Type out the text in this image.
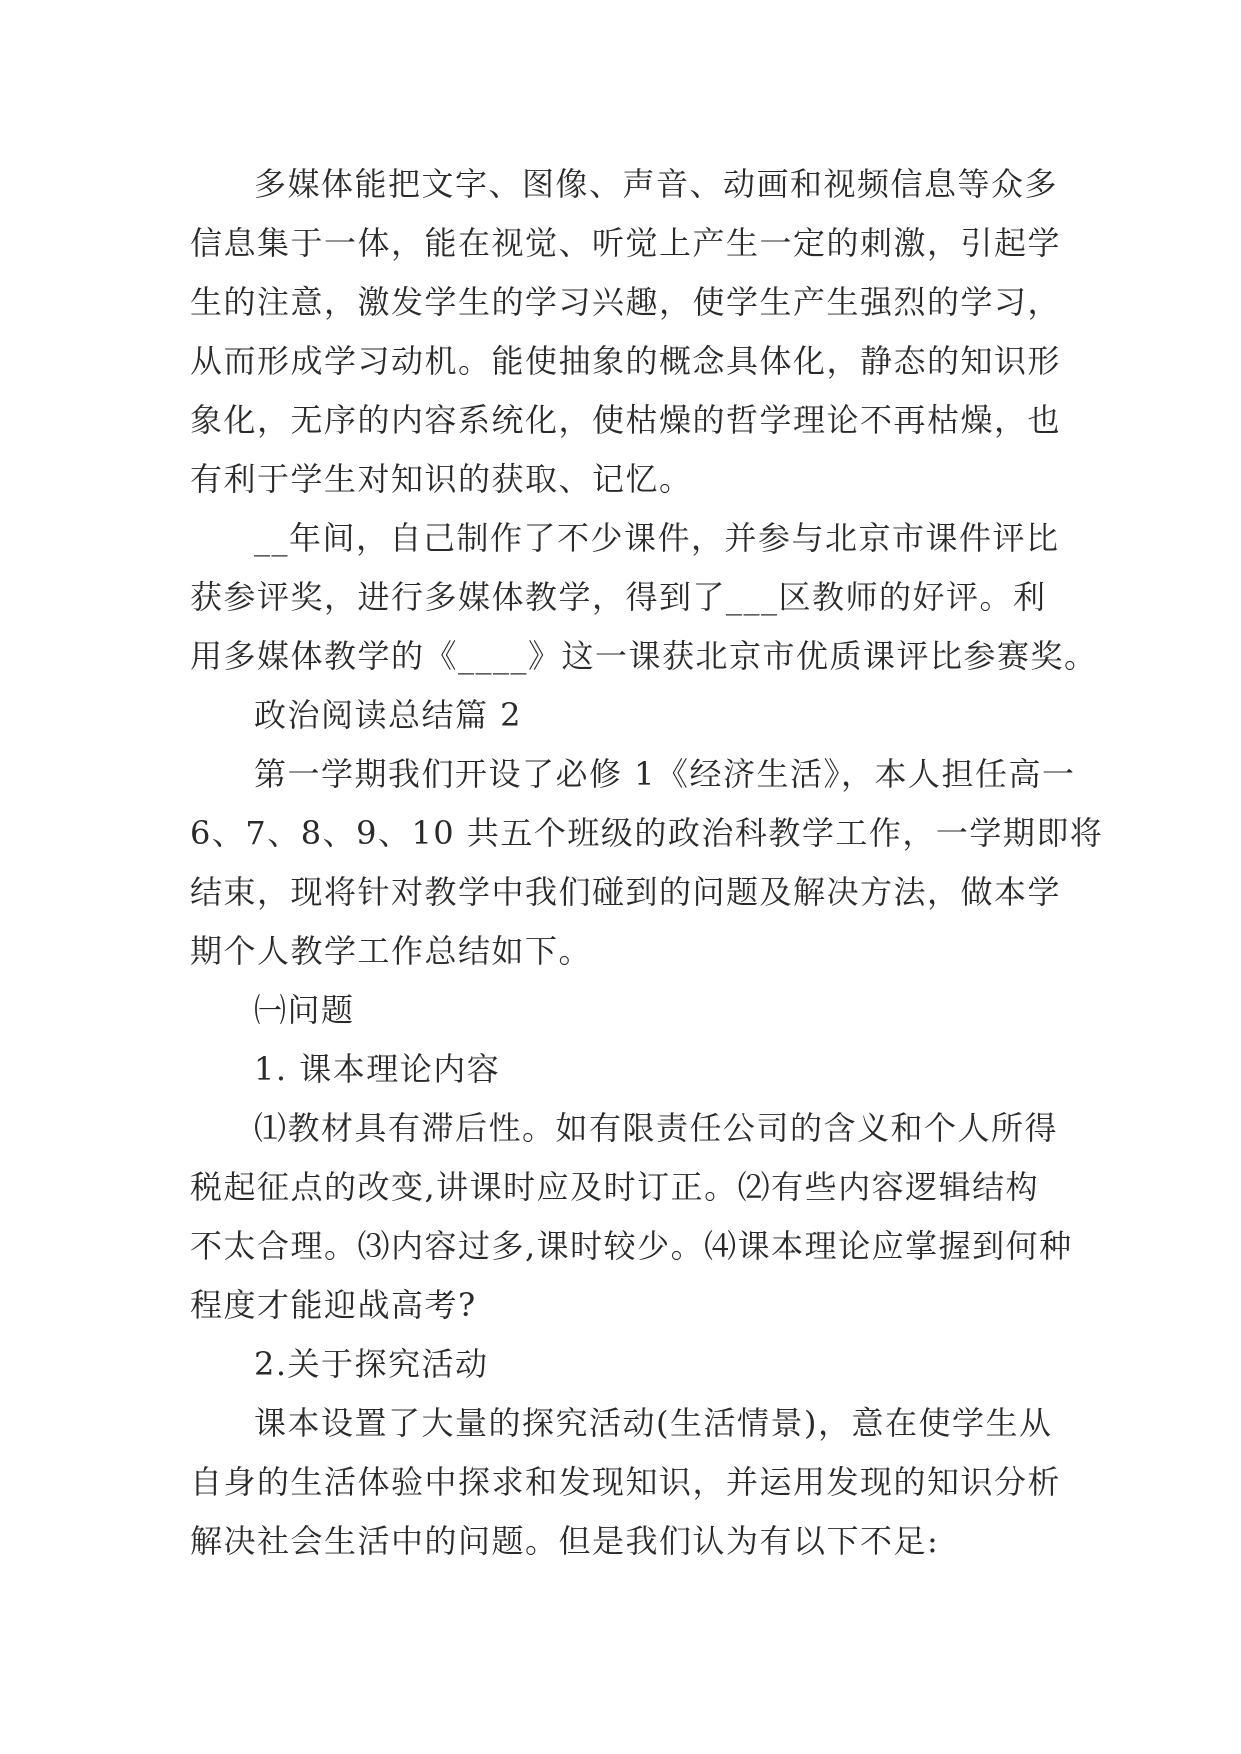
多媒体能把文字、图像、声音、动画和视频信息等众多
信息集于一体，能在视觉、听觉上产生一定的刺激，引起学
生的注意，激发学生的学习兴趣，使学生产生强烈的学习，
从而形成学习动机。能使抽象的概念具体化，静态的知识形
象化，无序的内容系统化，使枯燥的哲学理论不再枯燥，也
有利于学生对知识的获取、记忆。
__年间，自己制作了不少课件，并参与北京市课件评比
获参评奖，进行多媒体教学，得到了___区教师的好评。利
用多媒体教学的《____》这一课获北京市优质课评比参赛奖。
政治阅读总结篇 2
第一学期我们开设了必修 1《经济生活》，本人担任高一
6、7、8、9、10 共五个班级的政治科教学工作，一学期即将
结束，现将针对教学中我们碰到的问题及解决方法，做本学
期个人教学工作总结如下。
㈠问题
1. 课本理论内容
⑴教材具有滞后性。如有限责任公司的含义和个人所得
税起征点的改变,讲课时应及时订正。⑵有些内容逻辑结构
不太合理。⑶内容过多,课时较少。⑷课本理论应掌握到何种
程度才能迎战高考?
2.关于探究活动
课本设置了大量的探究活动(生活情景)，意在使学生从
自身的生活体验中探求和发现知识，并运用发现的知识分析
解决社会生活中的问题。但是我们认为有以下不足:
